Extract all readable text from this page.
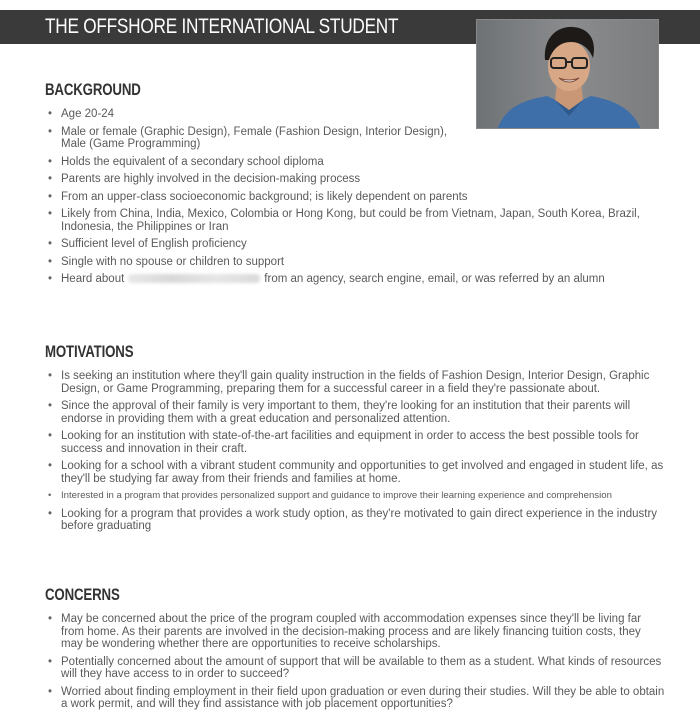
THE OFFSHORE INTERNATIONAL STUDENT
BACKGROUND
• Age 20-24
• Male or female (Graphic Design), Female (Fashion Design, Interior Design), Male (Game Programming)
• Holds the equivalent of a secondary school diploma
• Parents are highly involved in the decision-making process
• From an upper-class socioeconomic background; is likely dependent on parents
• Likely from China, India, Mexico, Colombia or Hong Kong, but could be from Vietnam, Japan, South Korea, Brazil, Indonesia, the Philippines or Iran
• Sufficient level of English proficiency
• Single with no spouse or children to support
• Heard about	from an agency, search engine, email, or was referred by an alumn
MOTIVATIONS
• Is seeking an institution where they'll gain quality instruction in the fields of Fashion Design, Interior Design, Graphic Design, or Game Programming, preparing them for a successful career in a field they're passionate about.
• Since the approval of their family is very important to them, they're looking for an institution that their parents will endorse in providing them with a great education and personalized attention.
• Looking for an institution with state-of-the-art facilities and equipment in order to access the best possible tools for success and innovation in their craft.
• Looking for a school with a vibrant student community and opportunities to get involved and engaged in student life, as they'll be studying far away from their friends and families at home.
• Interested in a program that provides personalized support and guidance to improve their learning experience and comprehension
• Looking for a program that provides a work study option, as they're motivated to gain direct experience in the industry before graduating
CONCERNS
• May be concerned about the price of the program coupled with accommodation expenses since they'll be living far from home. As their parents are involved in the decision-making process and are likely financing tuition costs, they may be wondering whether there are opportunities to receive scholarships.
• Potentially concerned about the amount of support that will be available to them as a student. What kinds of resources will they have access to in order to succeed?
• Worried about finding employment in their field upon graduation or even during their studies. Will they be able to obtain a work permit, and will they find assistance with job placement opportunities?
